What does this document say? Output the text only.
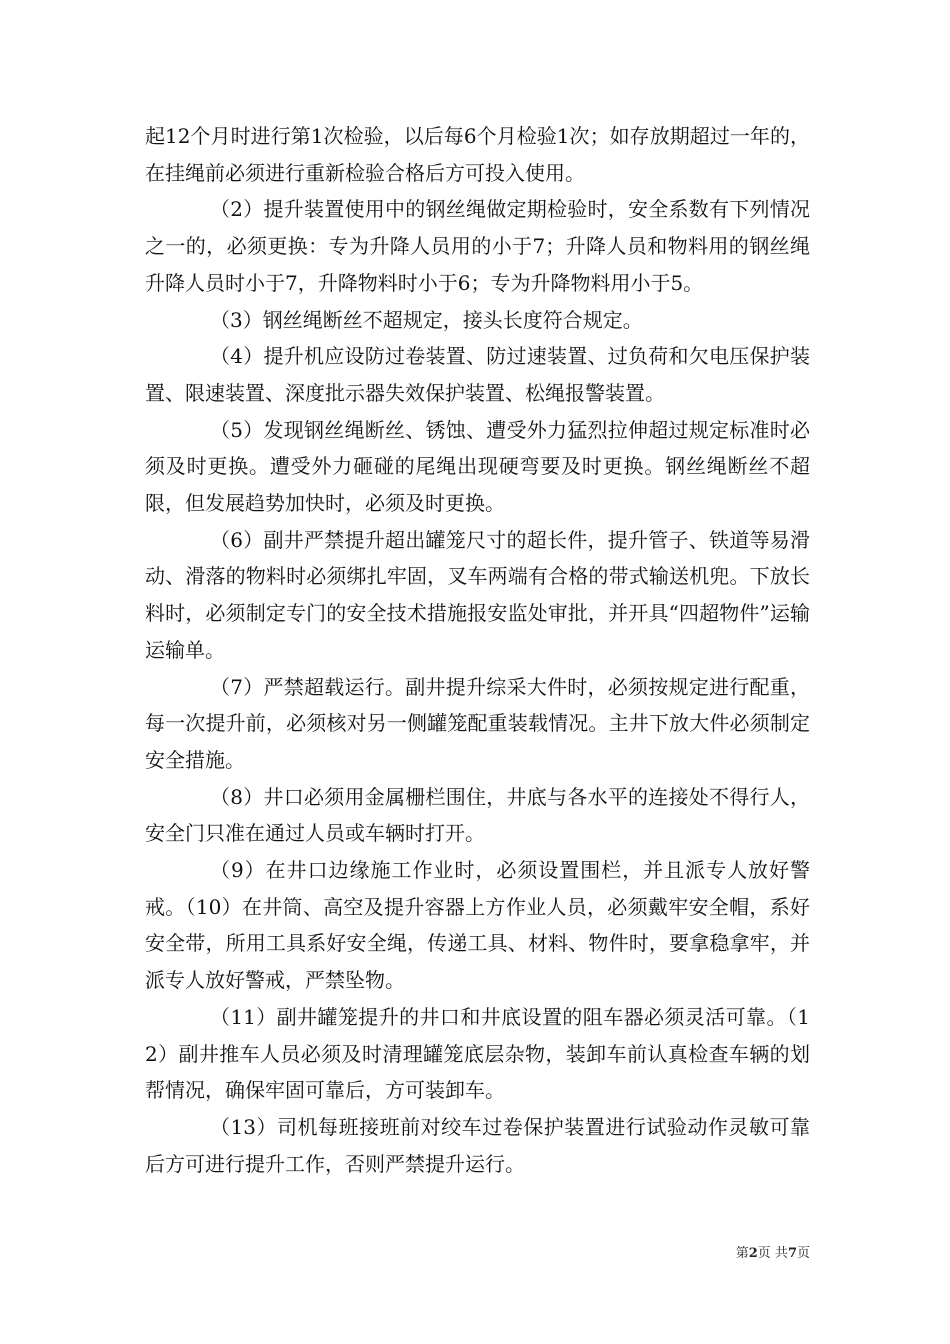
起12个月时进行第1次检验，以后每6个月检验1次；如存放期超过一年的，在挂绳前必须进行重新检验合格后方可投入使用。

（2）提升装置使用中的钢丝绳做定期检验时，安全系数有下列情况之一的，必须更换：专为升降人员用的小于7；升降人员和物料用的钢丝绳升降人员时小于7，升降物料时小于6；专为升降物料用小于5。

（3）钢丝绳断丝不超规定，接头长度符合规定。

（4）提升机应设防过卷装置、防过速装置、过负荷和欠电压保护装置、限速装置、深度批示器失效保护装置、松绳报警装置。

（5）发现钢丝绳断丝、锈蚀、遭受外力猛烈拉伸超过规定标准时必须及时更换。遭受外力砸碰的尾绳出现硬弯要及时更换。钢丝绳断丝不超限，但发展趋势加快时，必须及时更换。

（6）副井严禁提升超出罐笼尺寸的超长件，提升管子、铁道等易滑动、滑落的物料时必须绑扎牢固，叉车两端有合格的带式输送机兜。下放长料时，必须制定专门的安全技术措施报安监处审批，并开具“四超物件”运输运输单。

（7）严禁超载运行。副井提升综采大件时，必须按规定进行配重，每一次提升前，必须核对另一侧罐笼配重装载情况。主井下放大件必须制定安全措施。

（8）井口必须用金属栅栏围住，井底与各水平的连接处不得行人，安全门只准在通过人员或车辆时打开。

（9）在井口边缘施工作业时，必须设置围栏，并且派专人放好警戒。（10）在井筒、高空及提升容器上方作业人员，必须戴牢安全帽，系好安全带，所用工具系好安全绳，传递工具、材料、物件时，要拿稳拿牢，并派专人放好警戒，严禁坠物。

（11）副井罐笼提升的井口和井底设置的阻车器必须灵活可靠。（12）副井推车人员必须及时清理罐笼底层杂物，装卸车前认真检查车辆的划帮情况，确保牢固可靠后，方可装卸车。

（13）司机每班接班前对绞车过卷保护装置进行试验动作灵敏可靠后方可进行提升工作，否则严禁提升运行。

第2页 共7页
